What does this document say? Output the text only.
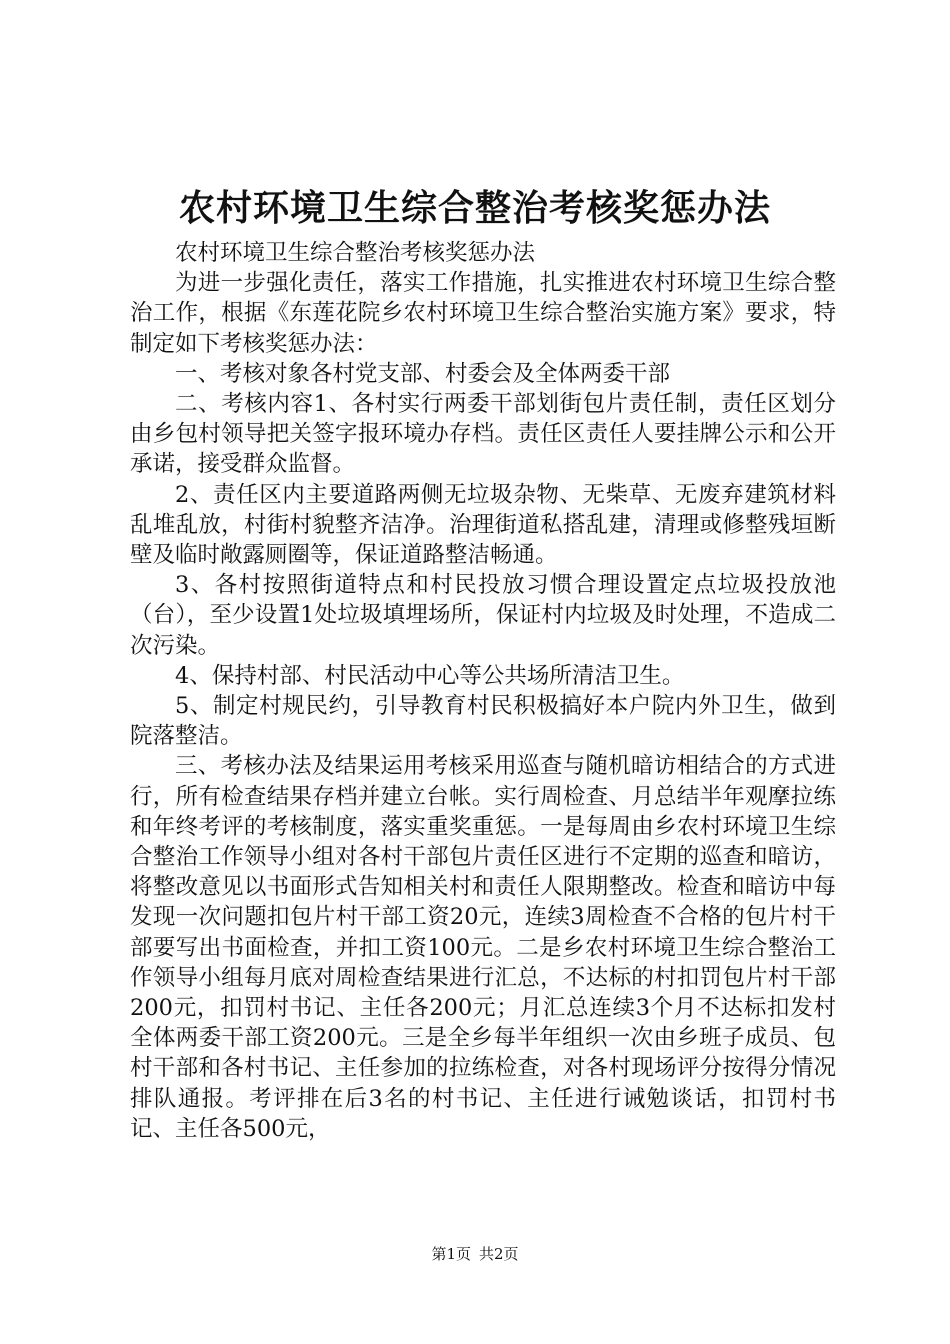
农村环境卫生综合整治考核奖惩办法

农村环境卫生综合整治考核奖惩办法

为进一步强化责任，落实工作措施，扎实推进农村环境卫生综合整治工作，根据《东莲花院乡农村环境卫生综合整治实施方案》要求，特制定如下考核奖惩办法：

一、考核对象各村党支部、村委会及全体两委干部

二、考核内容1、各村实行两委干部划街包片责任制，责任区划分由乡包村领导把关签字报环境办存档。责任区责任人要挂牌公示和公开承诺，接受群众监督。

2、责任区内主要道路两侧无垃圾杂物、无柴草、无废弃建筑材料乱堆乱放，村街村貌整齐洁净。治理街道私搭乱建，清理或修整残垣断壁及临时敞露厕圈等，保证道路整洁畅通。

3、各村按照街道特点和村民投放习惯合理设置定点垃圾投放池（台），至少设置1处垃圾填埋场所，保证村内垃圾及时处理，不造成二次污染。

4、保持村部、村民活动中心等公共场所清洁卫生。

5、制定村规民约，引导教育村民积极搞好本户院内外卫生，做到院落整洁。

三、考核办法及结果运用考核采用巡查与随机暗访相结合的方式进行，所有检查结果存档并建立台帐。实行周检查、月总结半年观摩拉练和年终考评的考核制度，落实重奖重惩。一是每周由乡农村环境卫生综合整治工作领导小组对各村干部包片责任区进行不定期的巡查和暗访，将整改意见以书面形式告知相关村和责任人限期整改。检查和暗访中每发现一次问题扣包片村干部工资20元，连续3周检查不合格的包片村干部要写出书面检查，并扣工资100元。二是乡农村环境卫生综合整治工作领导小组每月底对周检查结果进行汇总，不达标的村扣罚包片村干部200元，扣罚村书记、主任各200元；月汇总连续3个月不达标扣发村全体两委干部工资200元。三是全乡每半年组织一次由乡班子成员、包村干部和各村书记、主任参加的拉练检查，对各村现场评分按得分情况排队通报。考评排在后3名的村书记、主任进行诫勉谈话，扣罚村书记、主任各500元，

第1页 共2页
